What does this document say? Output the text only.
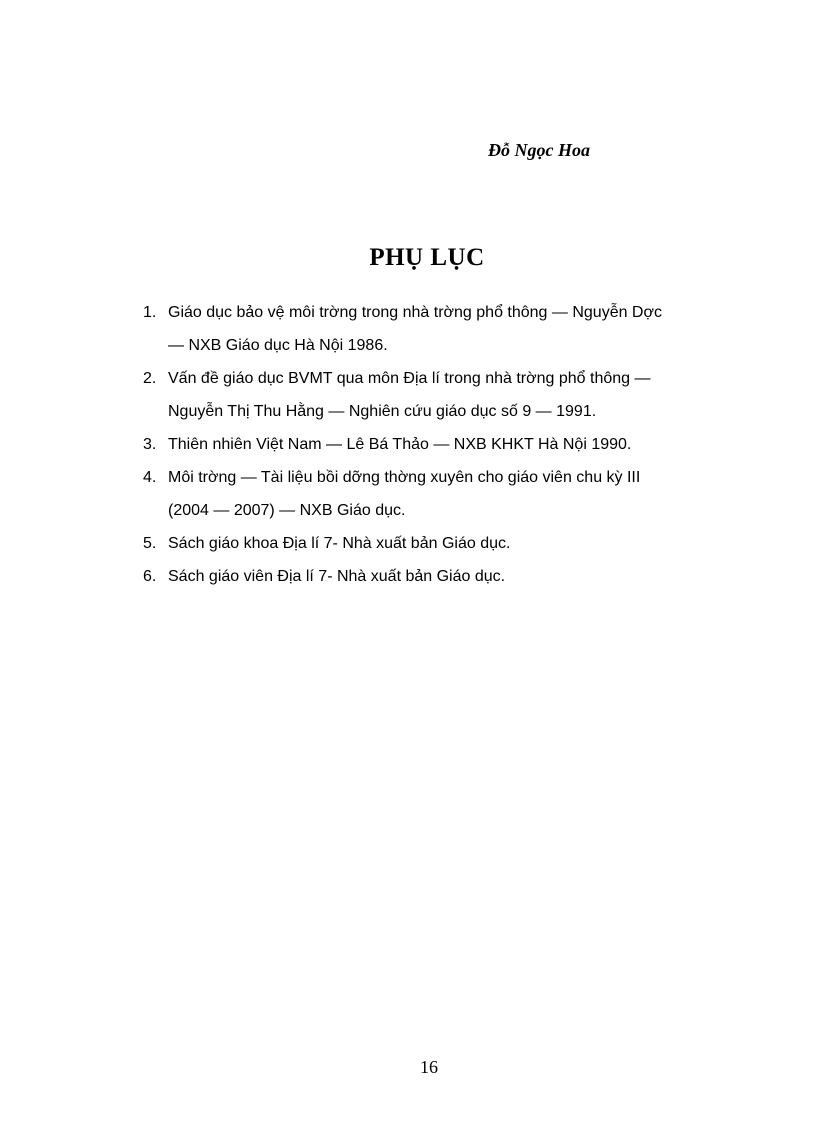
Đỗ Ngọc Hoa
PHỤ LỤC
1. Giáo dục bảo vệ môi trờng trong nhà trờng phổ thông — Nguyễn Dợc
— NXB Giáo dục Hà Nội 1986.
2. Vấn đề giáo dục BVMT qua môn Địa lí trong nhà trờng phổ thông —
Nguyễn Thị Thu Hằng — Nghiên cứu giáo dục số 9 — 1991.
3. Thiên nhiên Việt Nam — Lê Bá Thảo — NXB KHKT Hà Nội 1990.
4. Môi trờng — Tài liệu bồi dỡng thờng xuyên cho giáo viên chu kỳ III
(2004 — 2007) — NXB Giáo dục.
5. Sách giáo khoa Địa lí 7- Nhà xuất bản Giáo dục.
6. Sách giáo viên Địa lí 7- Nhà xuất bản Giáo dục.
16
